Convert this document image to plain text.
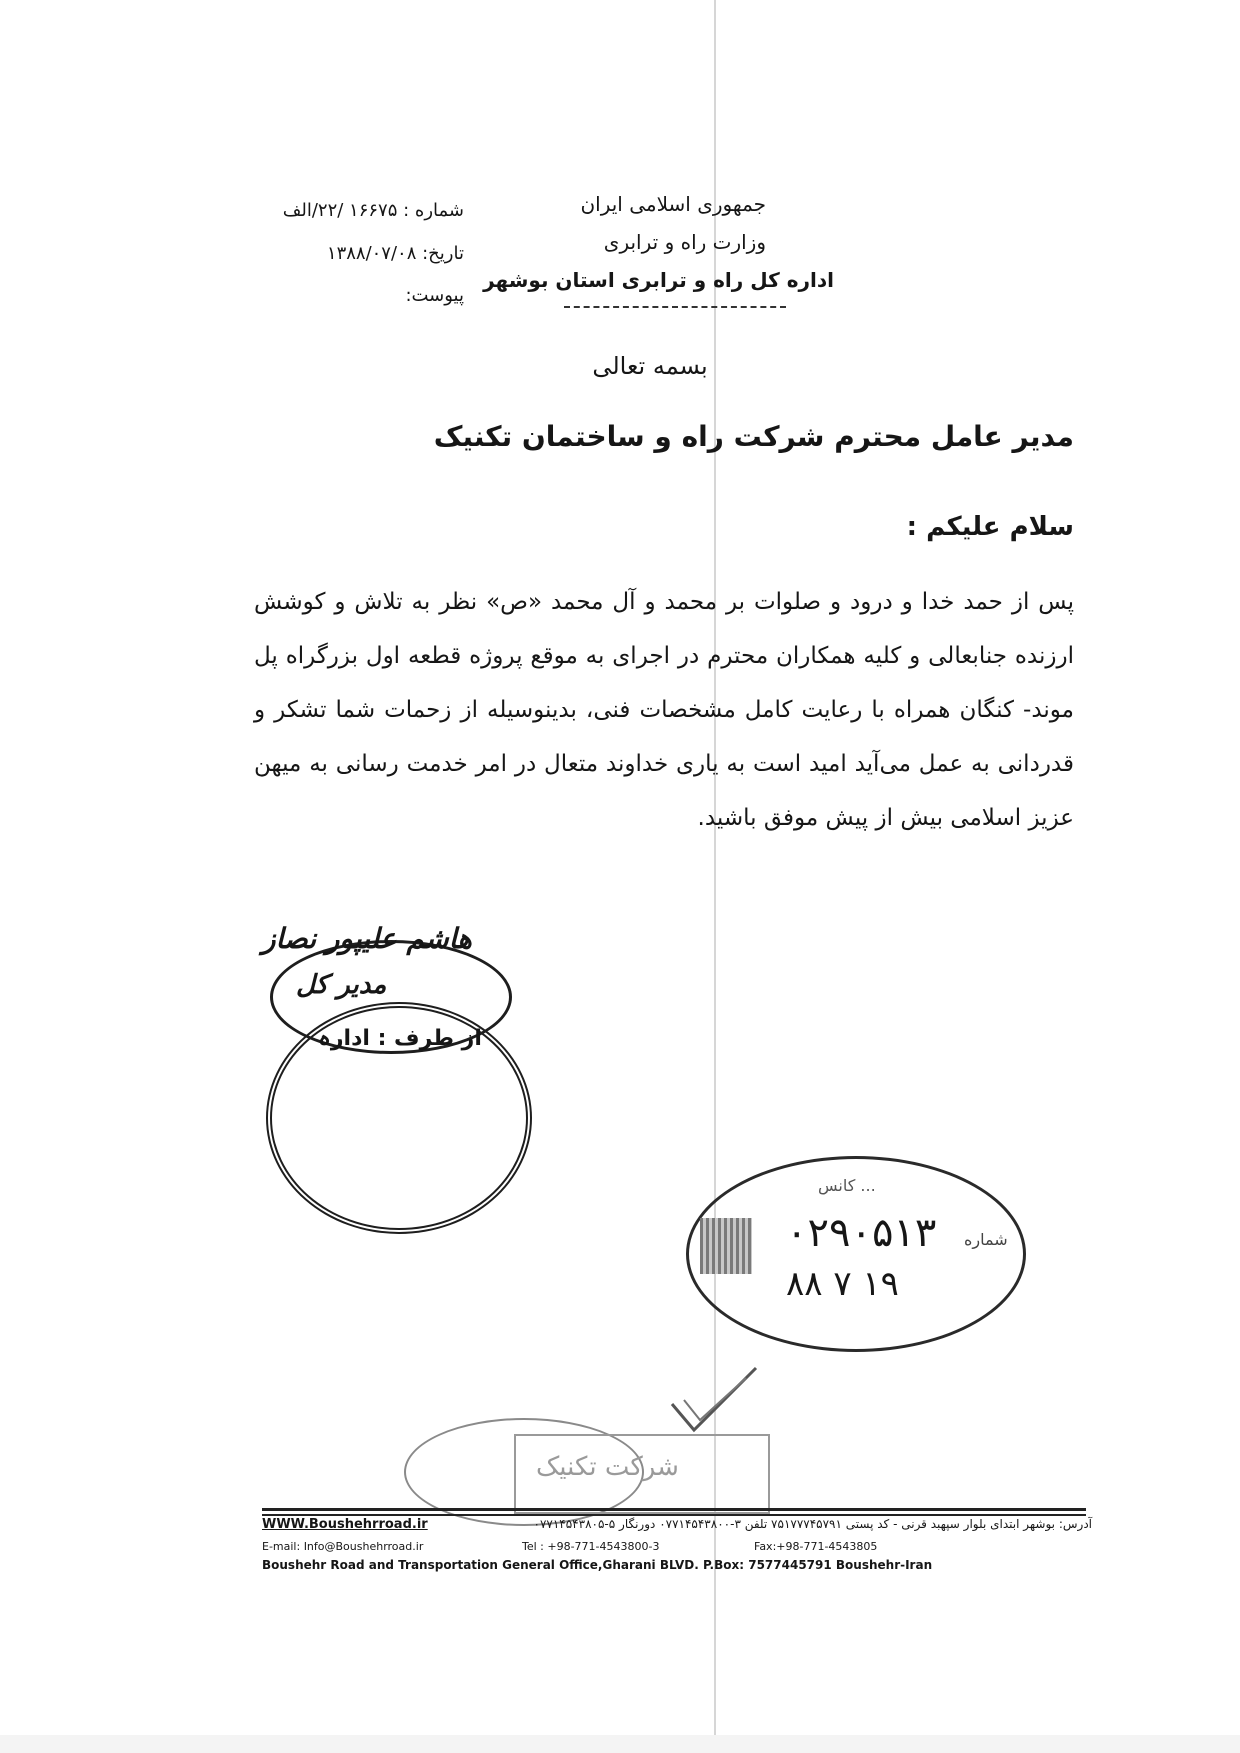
جمهوری اسلامی ایران
وزارت راه و ترابری
اداره کل راه و ترابری استان بوشهر
شماره : ۱۶۶۷۵ /۲۲/الف
تاریخ: ۱۳۸۸/۰۷/۰۸
پیوست:
بسمه تعالی
مدیر عامل محترم شرکت راه و ساختمان تکنیک
سلام علیکم :
پس از حمد خدا و درود و صلوات بر محمد و آل محمد «ص» نظر به تلاش و کوشش ارزنده جنابعالی و کلیه همکاران محترم در اجرای به موقع پروژه قطعه اول بزرگراه پل موند- کنگان همراه با رعایت کامل مشخصات فنی، بدینوسیله از زحمات شما تشکر و قدردانی به عمل می‌آید امید است به یاری خداوند متعال در امر خدمت رسانی به میهن عزیز اسلامی بیش از پیش موفق باشید.
هاشم علیپور نصاز
مدیر کل
از طرف : ادارہ
... کانس
شماره
۰۲۹۰۵۱۳
۸۸ ۷ ۱۹
شرکت تکنیک
WWW.Boushehrroad.ir	آدرس: بوشهر ابتدای بلوار سپهبد قرنی - کد پستی ۷۵۱۷۷۷۴۵۷۹۱ تلفن ۳-۰۷۷۱۴۵۴۳۸۰۰ دورنگار ۵-۰۷۷۱۴۵۴۳۸۰۵
E-mail: Info@Boushehrroad.ir	Tel : +98-771-4543800-3	Fax:+98-771-4543805
Boushehr Road and Transportation General Office,Gharani BLVD. P.Box: 7577445791 Boushehr-Iran
